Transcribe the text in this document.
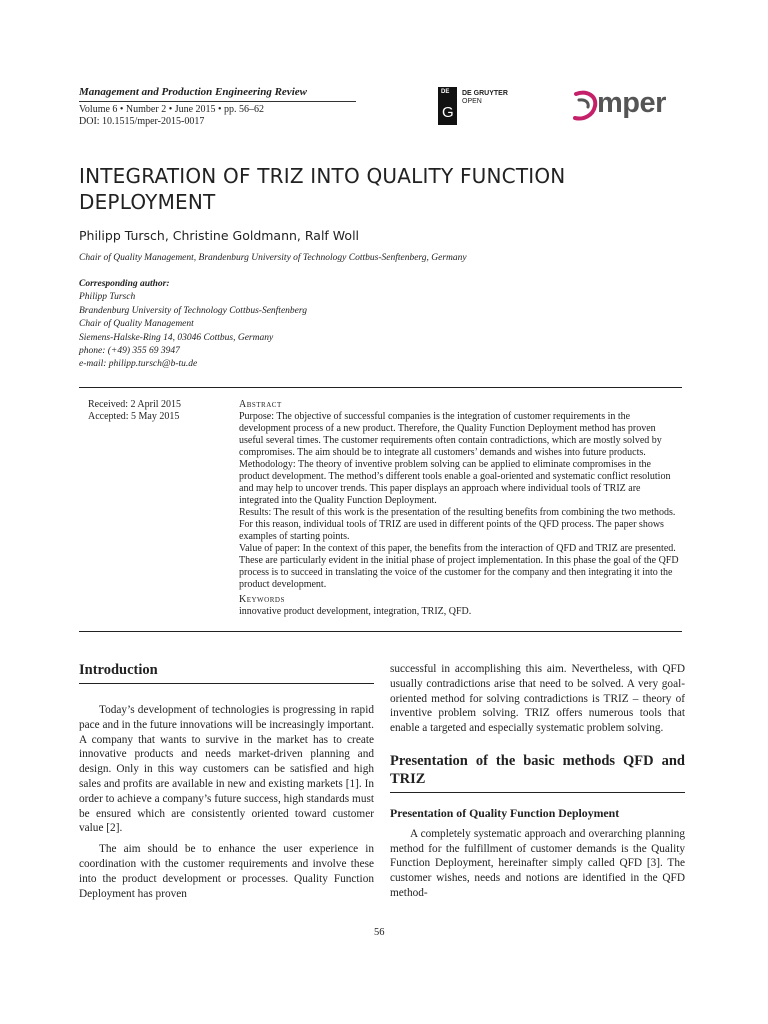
Management and Production Engineering Review
Volume 6 • Number 2 • June 2015 • pp. 56–62
DOI: 10.1515/mper-2015-0017
DE
G
DE GRUYTER
OPEN	mper
INTEGRATION OF TRIZ INTO QUALITY FUNCTION DEPLOYMENT
Philipp Tursch, Christine Goldmann, Ralf Woll
Chair of Quality Management, Brandenburg University of Technology Cottbus-Senftenberg, Germany
Corresponding author:
Philipp Tursch
Brandenburg University of Technology Cottbus-Senftenberg
Chair of Quality Management
Siemens-Halske-Ring 14, 03046 Cottbus, Germany
phone: (+49) 355 69 3947
e-mail: philipp.tursch@b-tu.de
Received: 2 April 2015
Accepted: 5 May 2015
Abstract
Purpose: The objective of successful companies is the integration of customer requirements in the development process of a new product. Therefore, the Quality Function Deployment method has proven useful several times. The customer requirements often contain contradictions, which are mostly solved by compromises. The aim should be to integrate all customers’ demands and wishes into future products.
Methodology: The theory of inventive problem solving can be applied to eliminate compromises in the product development. The method’s different tools enable a goal-oriented and systematic conflict resolution and may help to uncover trends. This paper displays an approach where individual tools of TRIZ are integrated into the Quality Function Deployment.
Results: The result of this work is the presentation of the resulting benefits from combining the two methods. For this reason, individual tools of TRIZ are used in different points of the QFD process. The paper shows examples of starting points.
Value of paper: In the context of this paper, the benefits from the interaction of QFD and TRIZ are presented. These are particularly evident in the initial phase of project implementation. In this phase the goal of the QFD process is to succeed in translating the voice of the customer for the company and then integrating it into the product development.
Keywords
innovative product development, integration, TRIZ, QFD.
Introduction

Today’s development of technologies is progressing in rapid pace and in the future innovations will be increasingly important. A company that wants to survive in the market has to create innovative products and needs market-driven planning and design. Only in this way customers can be satisfied and high sales and profits are available in new and existing markets [1]. In order to achieve a company’s future success, high standards must be ensured which are consistently oriented toward customer value [2].

The aim should be to enhance the user experience in coordination with the customer requirements and involve these into the product development or processes. Quality Function Deployment has proven

successful in accomplishing this aim. Nevertheless, with QFD usually contradictions arise that need to be solved. A very goal-oriented method for solving contradictions is TRIZ – theory of inventive problem solving. TRIZ offers numerous tools that enable a targeted and especially systematic problem solving.

Presentation of the basic methods QFD and TRIZ
Presentation of Quality Function Deployment

A completely systematic approach and overarching planning method for the fulfillment of customer demands is the Quality Function Deployment, hereinafter simply called QFD [3]. The customer wishes, needs and notions are identified in the QFD method-

56
